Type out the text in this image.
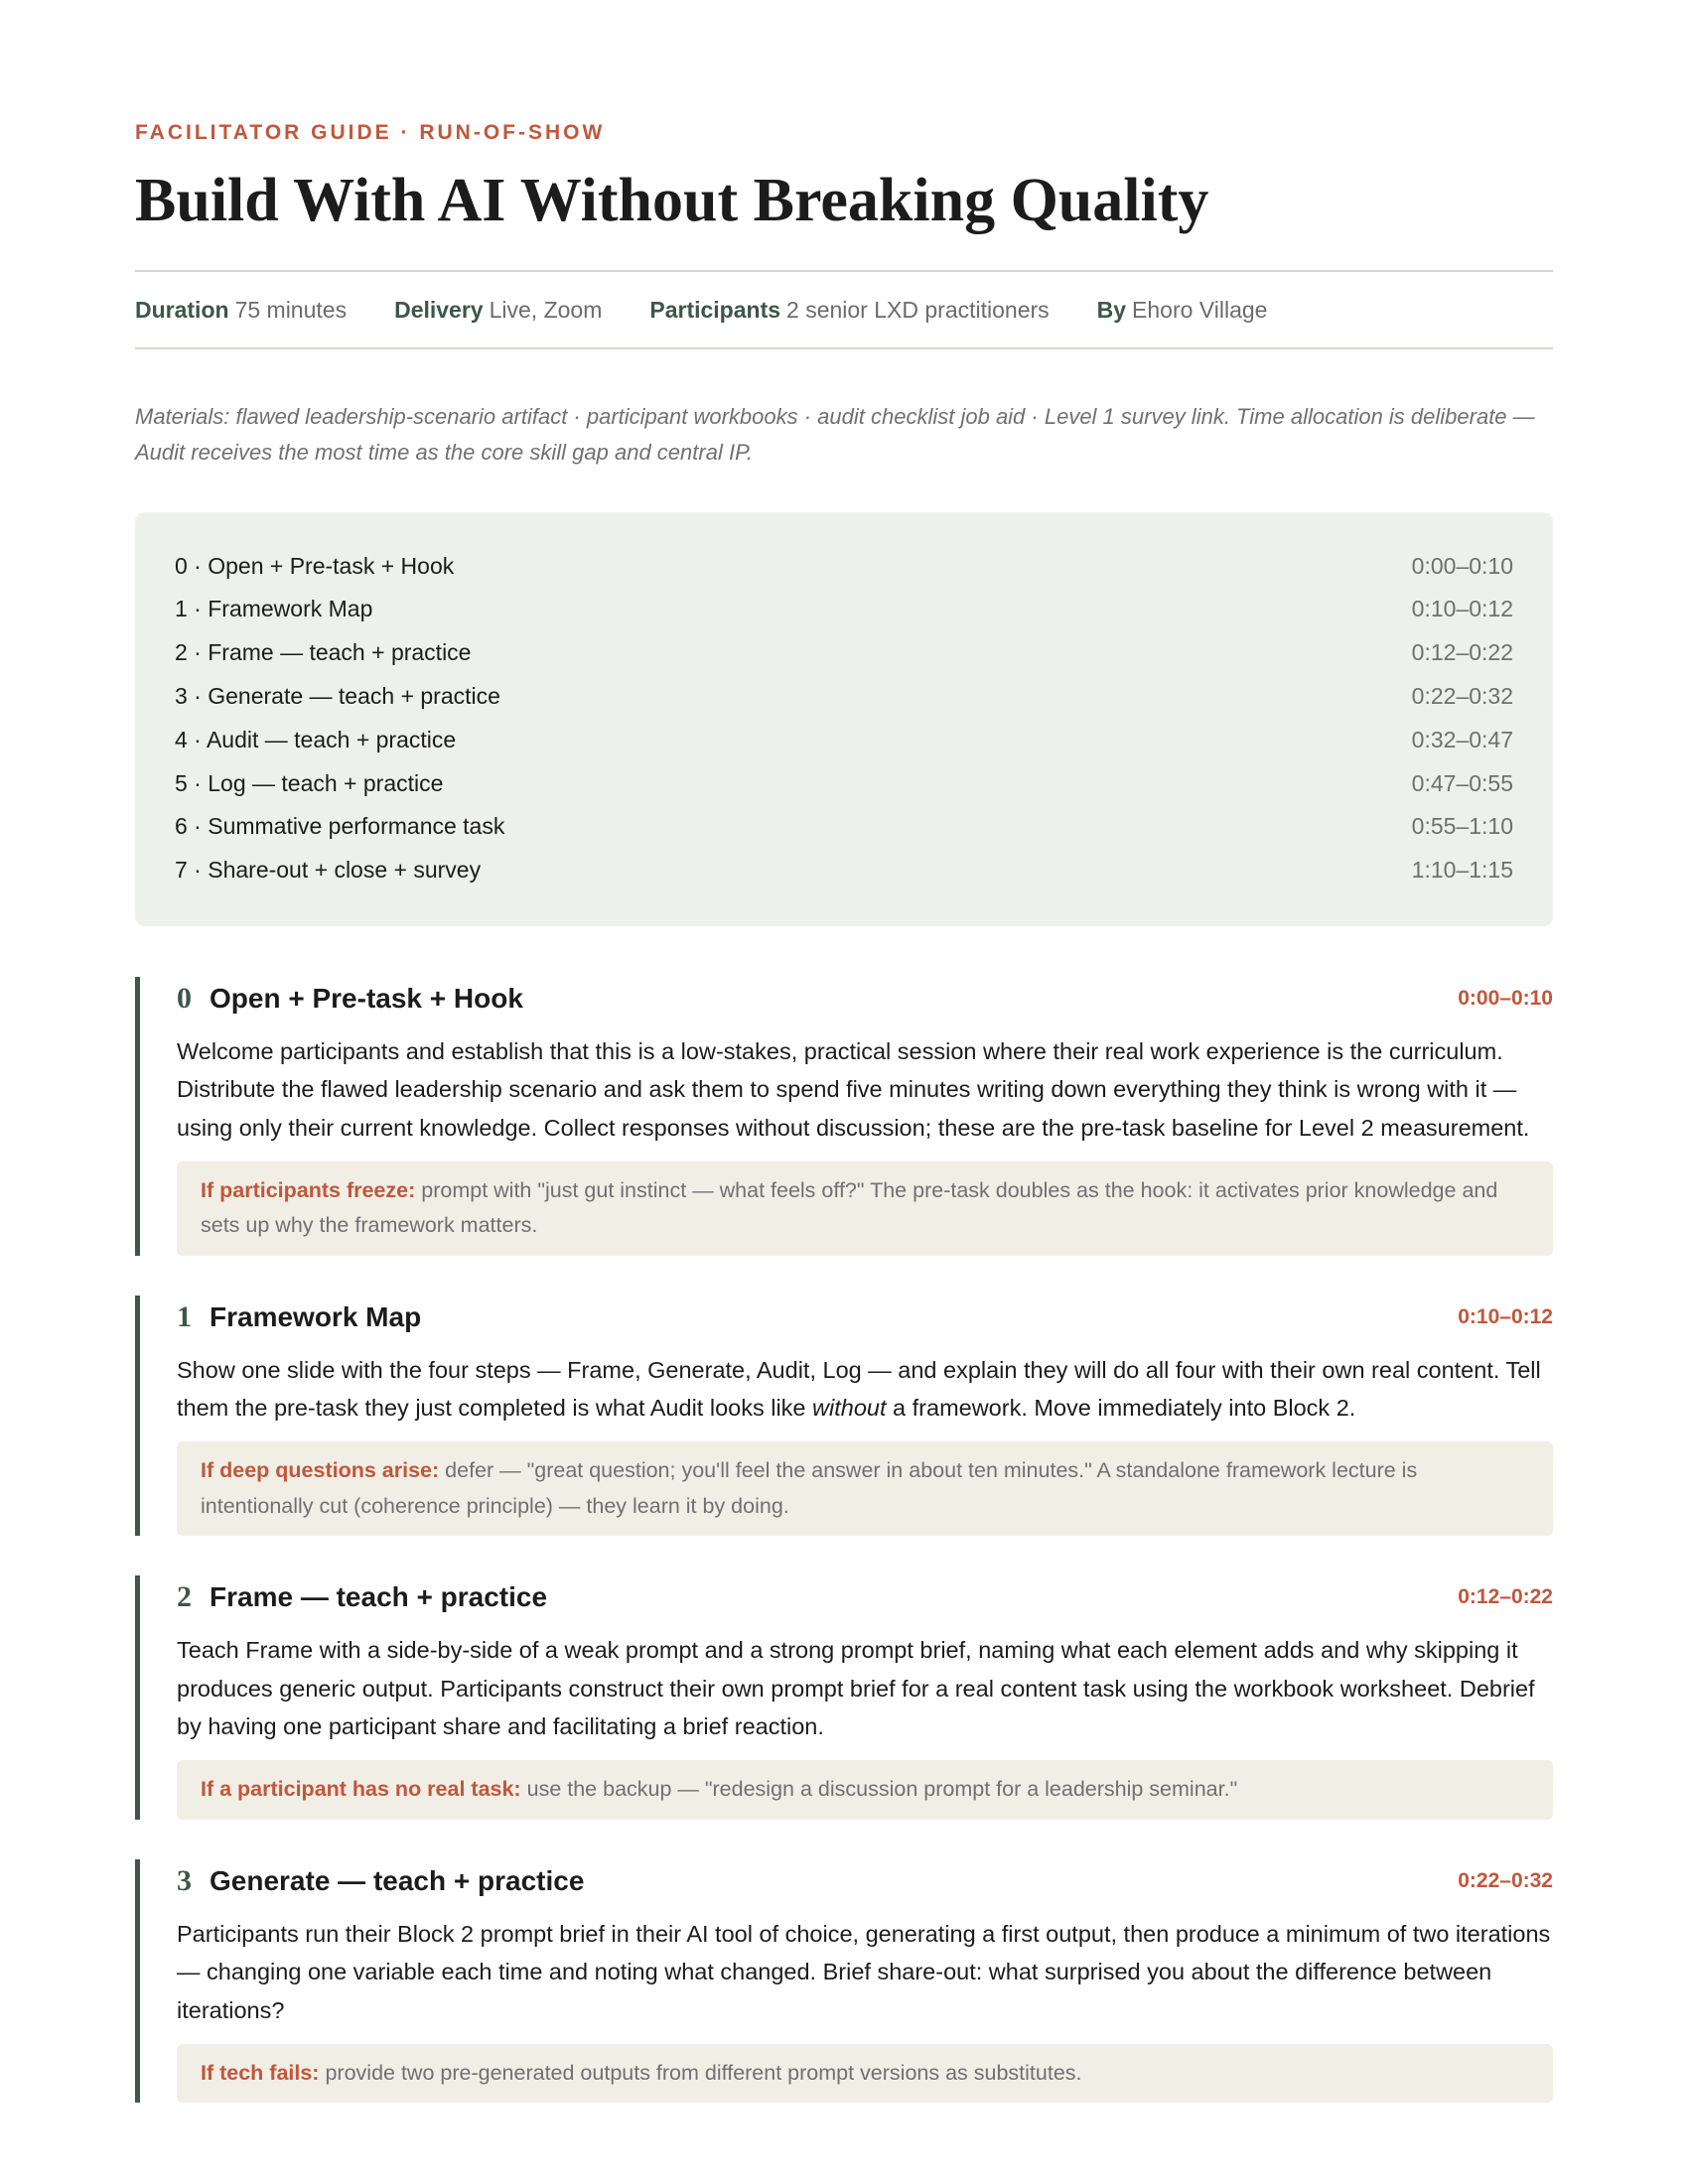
FACILITATOR GUIDE · RUN-OF-SHOW

Build With AI Without Breaking Quality
Duration 75 minutes Delivery Live, Zoom Participants 2 senior LXD practitioners By Ehoro Village

Materials: flawed leadership-scenario artifact · participant workbooks · audit checklist job aid · Level 1 survey link. Time allocation is deliberate — Audit receives the most time as the core skill gap and central IP.

0 · Open + Pre-task + Hook	0:00–0:10
1 · Framework Map	0:10–0:12
2 · Frame — teach + practice	0:12–0:22
3 · Generate — teach + practice	0:22–0:32
4 · Audit — teach + practice	0:32–0:47
5 · Log — teach + practice	0:47–0:55
6 · Summative performance task	0:55–1:10
7 · Share-out + close + survey	1:10–1:15
0 Open + Pre-task + Hook	0:00–0:10

Welcome participants and establish that this is a low-stakes, practical session where their real work experience is the curriculum. Distribute the flawed leadership scenario and ask them to spend five minutes writing down everything they think is wrong with it — using only their current knowledge. Collect responses without discussion; these are the pre-task baseline for Level 2 measurement.

If participants freeze: prompt with "just gut instinct — what feels off?" The pre-task doubles as the hook: it activates prior knowledge and sets up why the framework matters.
1 Framework Map	0:10–0:12

Show one slide with the four steps — Frame, Generate, Audit, Log — and explain they will do all four with their own real content. Tell them the pre-task they just completed is what Audit looks like without a framework. Move immediately into Block 2.

If deep questions arise: defer — "great question; you'll feel the answer in about ten minutes." A standalone framework lecture is intentionally cut (coherence principle) — they learn it by doing.
2 Frame — teach + practice	0:12–0:22

Teach Frame with a side-by-side of a weak prompt and a strong prompt brief, naming what each element adds and why skipping it produces generic output. Participants construct their own prompt brief for a real content task using the workbook worksheet. Debrief by having one participant share and facilitating a brief reaction.

If a participant has no real task: use the backup — "redesign a discussion prompt for a leadership seminar."
3 Generate — teach + practice	0:22–0:32

Participants run their Block 2 prompt brief in their AI tool of choice, generating a first output, then produce a minimum of two iterations — changing one variable each time and noting what changed. Brief share-out: what surprised you about the difference between iterations?

If tech fails: provide two pre-generated outputs from different prompt versions as substitutes.
